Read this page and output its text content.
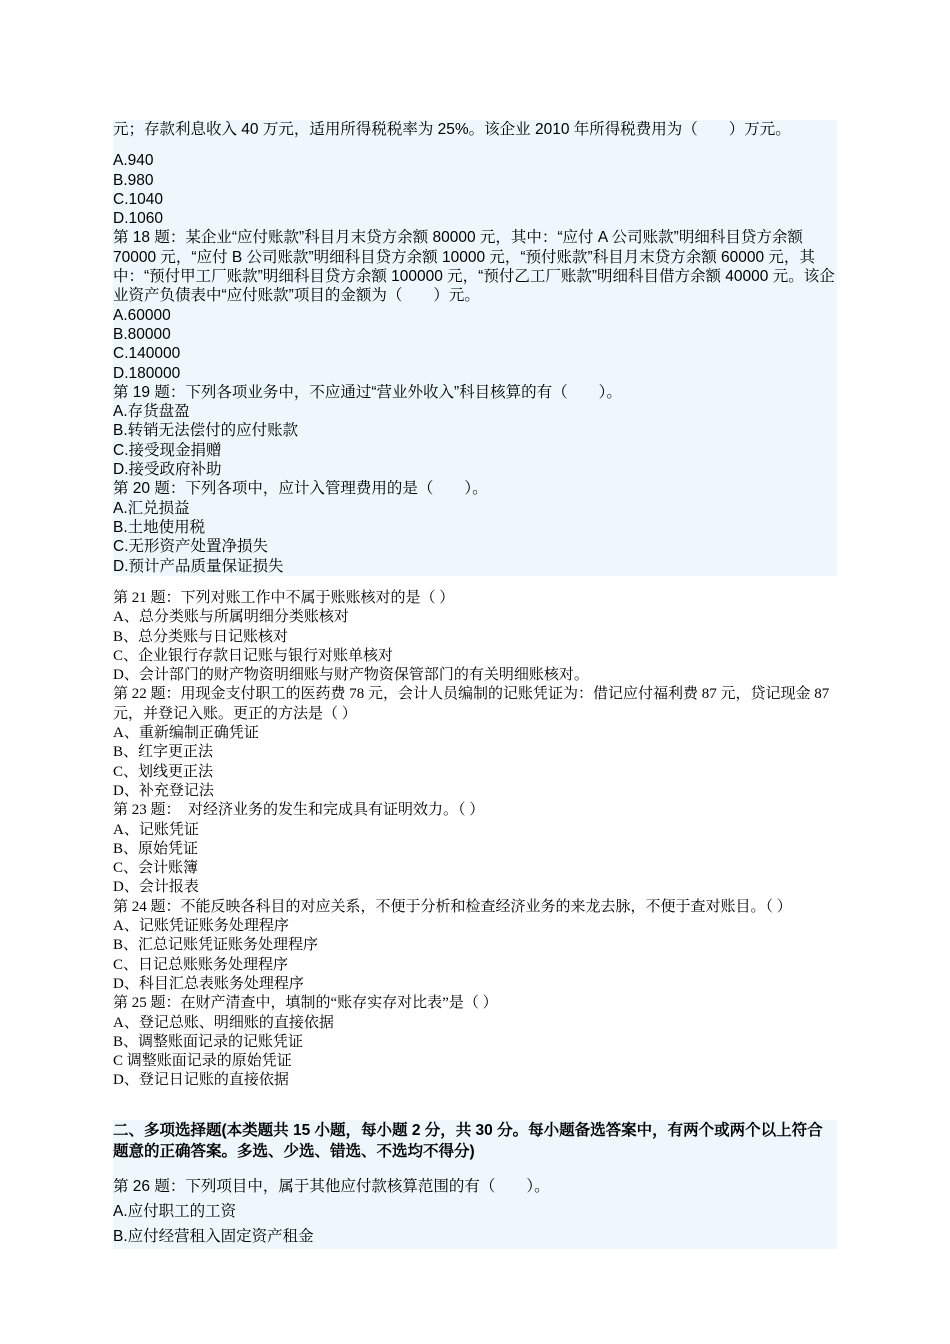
元；存款利息收入 40 万元，适用所得税税率为 25%。该企业 2010 年所得税费用为（　　）万元。
A.940
B.980
C.1040
D.1060
第 18 题：某企业“应付账款”科目月末贷方余额 80000 元，其中：“应付 A 公司账款”明细科目贷方余额 70000 元，“应付 B 公司账款”明细科目贷方余额 10000 元，“预付账款”科目月末贷方余额 60000 元，其中：“预付甲工厂账款”明细科目贷方余额 100000 元，“预付乙工厂账款”明细科目借方余额 40000 元。该企业资产负债表中“应付账款”项目的金额为（　　）元。
A.60000
B.80000
C.140000
D.180000
第 19 题：下列各项业务中，不应通过“营业外收入”科目核算的有（　　）。
A.存货盘盈
B.转销无法偿付的应付账款
C.接受现金捐赠
D.接受政府补助
第 20 题：下列各项中，应计入管理费用的是（　　）。
A.汇兑损益
B.土地使用税
C.无形资产处置净损失
D.预计产品质量保证损失
第 21 题：下列对账工作中不属于账账核对的是（ ）
A、总分类账与所属明细分类账核对
B、总分类账与日记账核对
C、企业银行存款日记账与银行对账单核对
D、会计部门的财产物资明细账与财产物资保管部门的有关明细账核对。
第 22 题：用现金支付职工的医药费 78 元，会计人员编制的记账凭证为：借记应付福利费 87 元，贷记现金 87 元，并登记入账。更正的方法是（ ）
A、重新编制正确凭证
B、红字更正法
C、划线更正法
D、补充登记法
第 23 题：　对经济业务的发生和完成具有证明效力。（ ）
A、记账凭证
B、原始凭证
C、会计账簿
D、会计报表
第 24 题：不能反映各科目的对应关系，不便于分析和检查经济业务的来龙去脉，不便于查对账目。（ ）
A、记账凭证账务处理程序
B、汇总记账凭证账务处理程序
C、日记总账账务处理程序
D、科目汇总表账务处理程序
第 25 题：在财产清查中，填制的“账存实存对比表”是（ ）
A、登记总账、明细账的直接依据
B、调整账面记录的记账凭证
C 调整账面记录的原始凭证
D、登记日记账的直接依据
二、多项选择题(本类题共 15 小题，每小题 2 分，共 30 分。每小题备选答案中，有两个或两个以上符合题意的正确答案。多选、少选、错选、不选均不得分)
第 26 题：下列项目中，属于其他应付款核算范围的有（　　）。
A.应付职工的工资
B.应付经营租入固定资产租金
